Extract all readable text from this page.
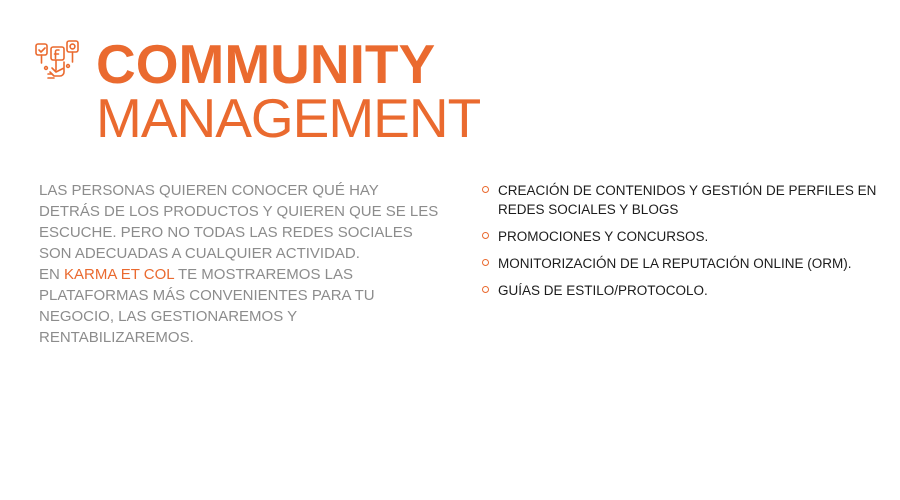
COMMUNITY
MANAGEMENT

LAS PERSONAS QUIEREN CONOCER QUÉ HAY DETRÁS DE LOS PRODUCTOS Y QUIEREN QUE SE LES ESCUCHE. PERO NO TODAS LAS REDES SOCIALES SON ADECUADAS A CUALQUIER ACTIVIDAD.
EN KARMA ET COL TE MOSTRAREMOS LAS PLATAFORMAS MÁS CONVENIENTES PARA TU NEGOCIO, LAS GESTIONAREMOS Y RENTABILIZAREMOS.

CREACIÓN DE CONTENIDOS Y GESTIÓN DE PERFILES EN REDES SOCIALES Y BLOGS
PROMOCIONES Y CONCURSOS.
MONITORIZACIÓN DE LA REPUTACIÓN ONLINE (ORM).
GUÍAS DE ESTILO/PROTOCOLO.
